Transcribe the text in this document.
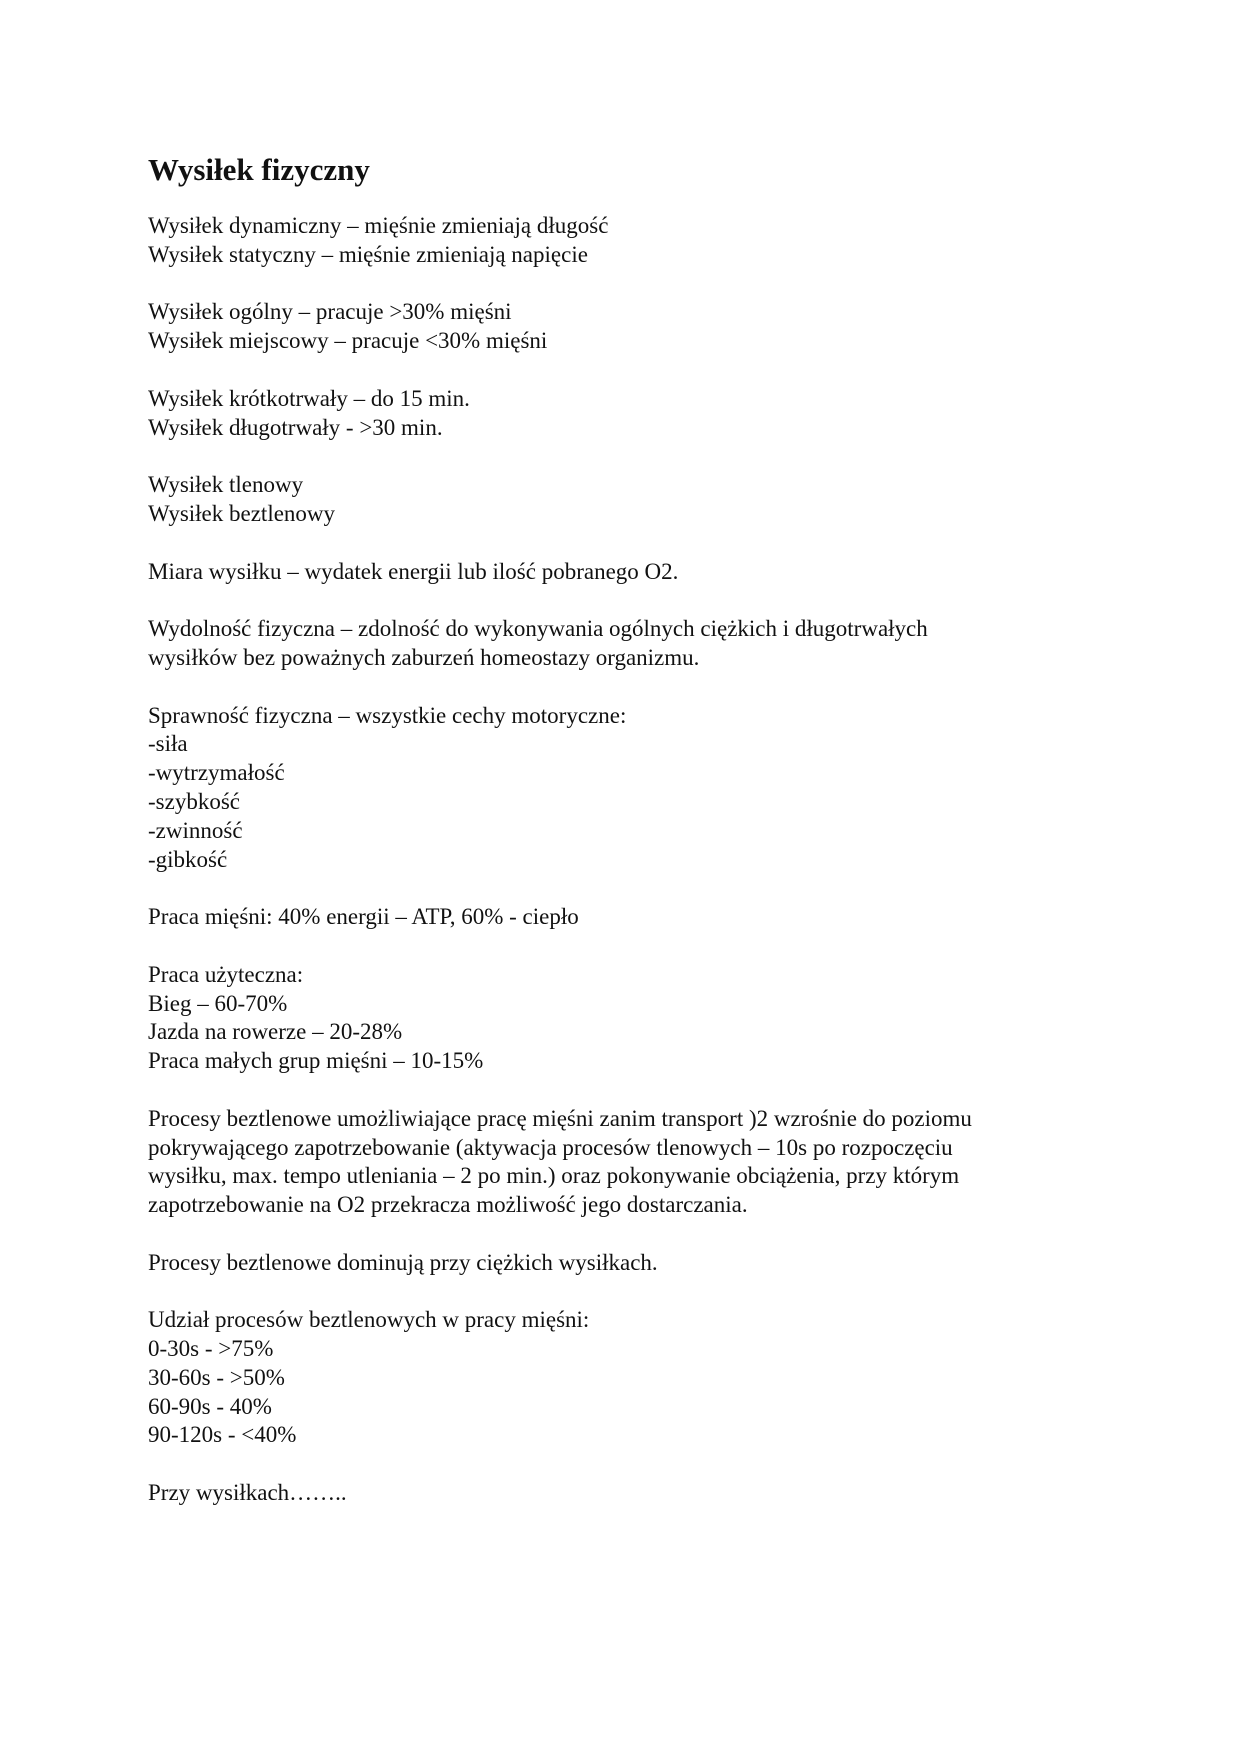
Wysiłek fizyczny
Wysiłek dynamiczny – mięśnie zmieniają długość
Wysiłek statyczny – mięśnie zmieniają napięcie
Wysiłek ogólny – pracuje >30% mięśni
Wysiłek miejscowy – pracuje <30% mięśni
Wysiłek krótkotrwały – do 15 min.
Wysiłek długotrwały - >30 min.
Wysiłek tlenowy
Wysiłek beztlenowy
Miara wysiłku – wydatek energii lub ilość pobranego O2.
Wydolność fizyczna – zdolność do wykonywania ogólnych ciężkich i długotrwałych
wysiłków bez poważnych zaburzeń homeostazy organizmu.
Sprawność fizyczna – wszystkie cechy motoryczne:
-siła
-wytrzymałość
-szybkość
-zwinność
-gibkość
Praca mięśni: 40% energii – ATP, 60% - ciepło
Praca użyteczna:
Bieg – 60-70%
Jazda na rowerze – 20-28%
Praca małych grup mięśni – 10-15%
Procesy beztlenowe umożliwiające pracę mięśni zanim transport )2 wzrośnie do poziomu
pokrywającego zapotrzebowanie (aktywacja procesów tlenowych – 10s po rozpoczęciu
wysiłku, max. tempo utleniania – 2 po min.) oraz pokonywanie obciążenia, przy którym
zapotrzebowanie na O2 przekracza możliwość jego dostarczania.
Procesy beztlenowe dominują przy ciężkich wysiłkach.
Udział procesów beztlenowych w pracy mięśni:
0-30s - >75%
30-60s - >50%
60-90s - 40%
90-120s - <40%
Przy wysiłkach……..
